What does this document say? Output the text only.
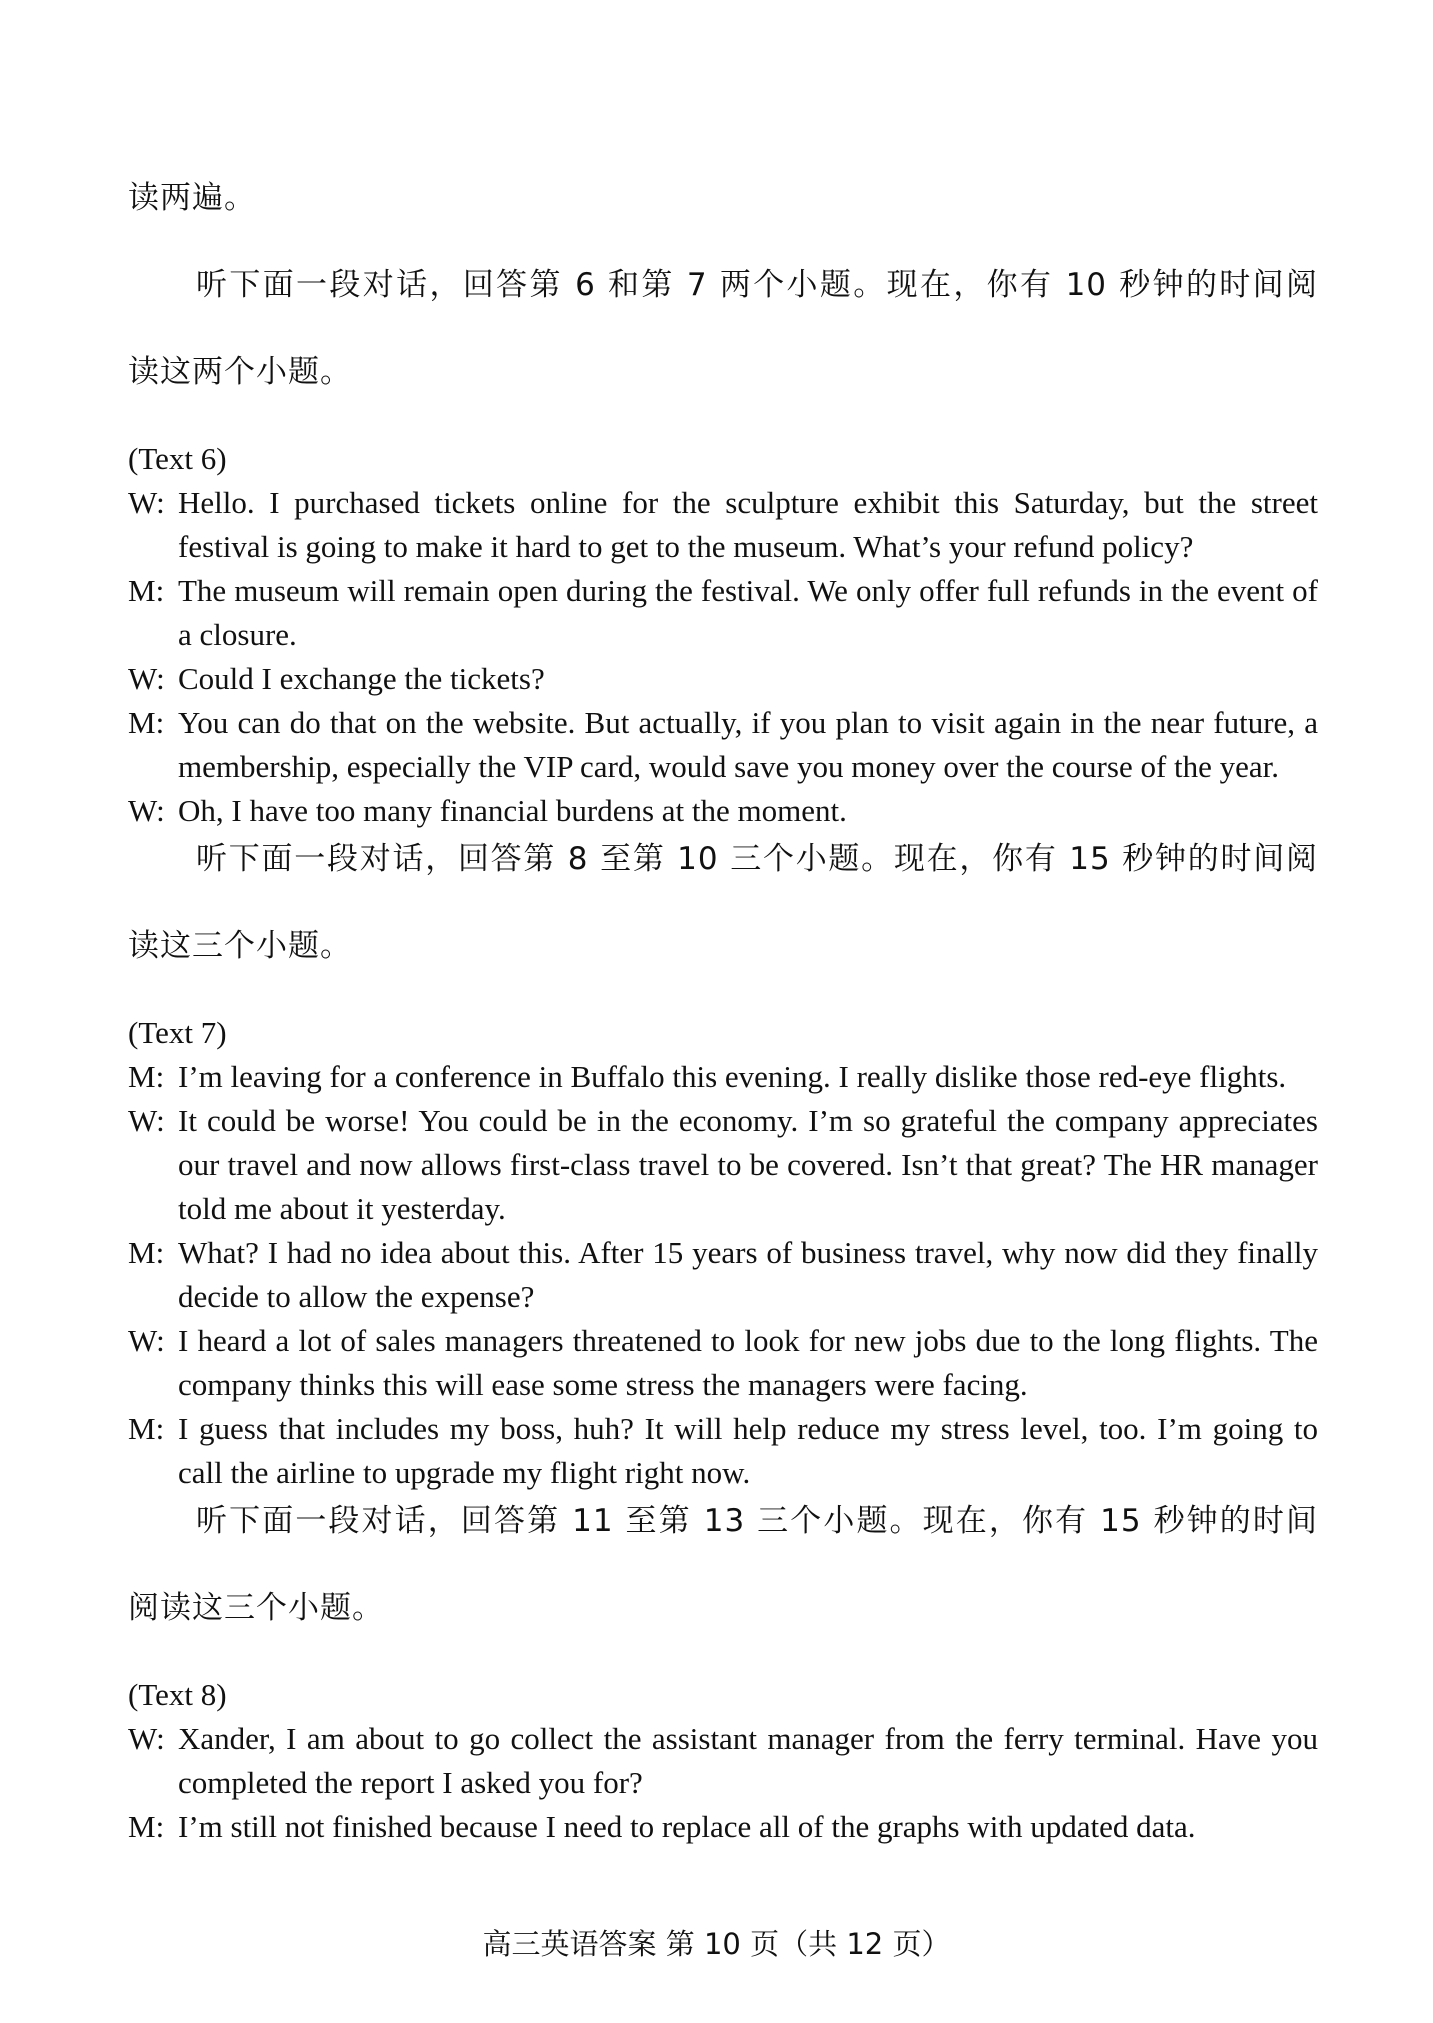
读两遍。

听下面一段对话，回答第 6 和第 7 两个小题。现在，你有 10 秒钟的时间阅

读这两个小题。

(Text 6)

W: Hello. I purchased tickets online for the sculpture exhibit this Saturday, but the street festival is going to make it hard to get to the museum. What’s your refund policy?
M: The museum will remain open during the festival. We only offer full refunds in the event of a closure.
W: Could I exchange the tickets?
M: You can do that on the website. But actually, if you plan to visit again in the near future, a membership, especially the VIP card, would save you money over the course of the year.
W: Oh, I have too many financial burdens at the moment.

听下面一段对话，回答第 8 至第 10 三个小题。现在，你有 15 秒钟的时间阅

读这三个小题。

(Text 7)

M: I’m leaving for a conference in Buffalo this evening. I really dislike those red-eye flights.
W: It could be worse! You could be in the economy. I’m so grateful the company appreciates our travel and now allows first-class travel to be covered. Isn’t that great? The HR manager told me about it yesterday.
M: What? I had no idea about this. After 15 years of business travel, why now did they finally decide to allow the expense?
W: I heard a lot of sales managers threatened to look for new jobs due to the long flights. The company thinks this will ease some stress the managers were facing.
M: I guess that includes my boss, huh? It will help reduce my stress level, too. I’m going to call the airline to upgrade my flight right now.

听下面一段对话，回答第 11 至第 13 三个小题。现在，你有 15 秒钟的时间

阅读这三个小题。

(Text 8)

W: Xander, I am about to go collect the assistant manager from the ferry terminal. Have you completed the report I asked you for?
M: I’m still not finished because I need to replace all of the graphs with updated data.
高三英语答案 第 10 页（共 12 页）
